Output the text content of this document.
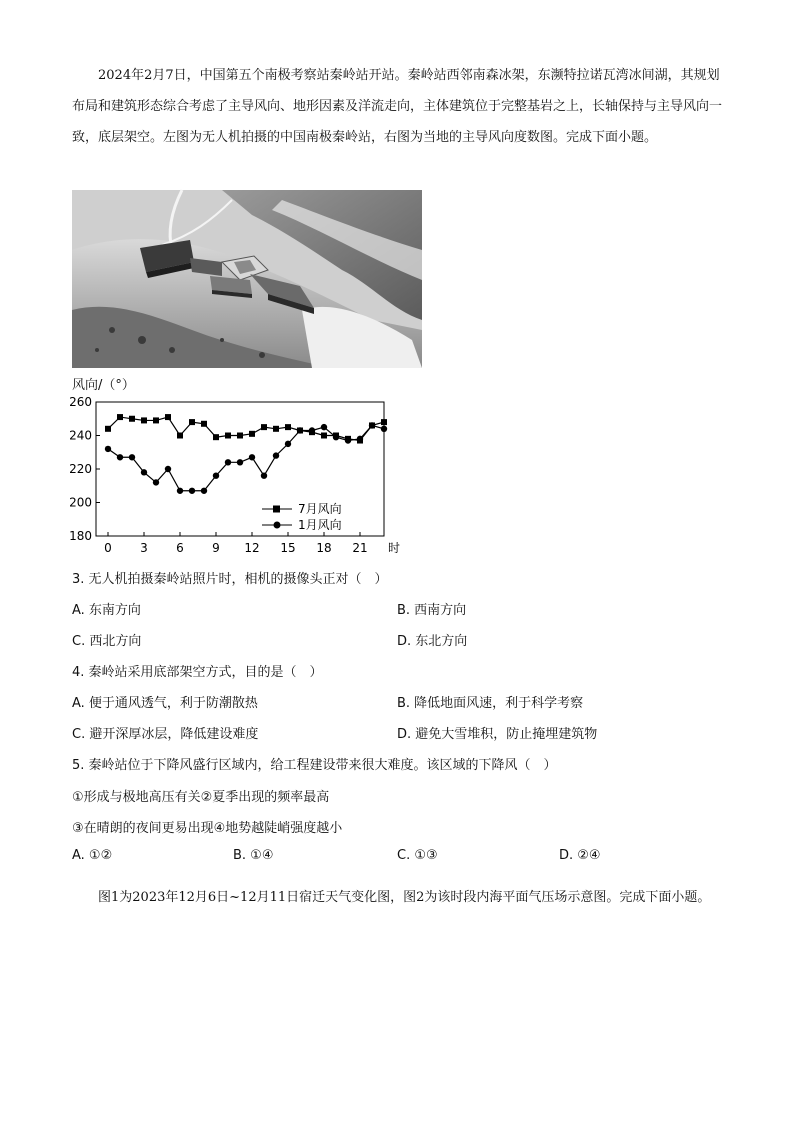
2024年2月7日，中国第五个南极考察站秦岭站开站。秦岭站西邻南森冰架，东濒特拉诺瓦湾冰间湖，其规划布局和建筑形态综合考虑了主导风向、地形因素及洋流走向，主体建筑位于完整基岩之上，长轴保持与主导风向一致，底层架空。左图为无人机拍摄的中国南极秦岭站，右图为当地的主导风向度数图。完成下面小题。

风向/（°）
180
200
220
240
260
0 3 6 9 12 15 18 21 时
7月风向
1月风向

3. 无人机拍摄秦岭站照片时，相机的摄像头正对（　）

A. 东南方向	B. 西南方向

C. 西北方向	D. 东北方向

4. 秦岭站采用底部架空方式，目的是（　）

A. 便于通风透气，利于防潮散热	B. 降低地面风速，利于科学考察

C. 避开深厚冰层，降低建设难度	D. 避免大雪堆积，防止掩埋建筑物

5. 秦岭站位于下降风盛行区域内，给工程建设带来很大难度。该区域的下降风（　）

①形成与极地高压有关②夏季出现的频率最高

③在晴朗的夜间更易出现④地势越陡峭强度越小

A. ①②	B. ①④	C. ①③	D. ②④

图1为2023年12月6日~12月11日宿迁天气变化图，图2为该时段内海平面气压场示意图。完成下面小题。
